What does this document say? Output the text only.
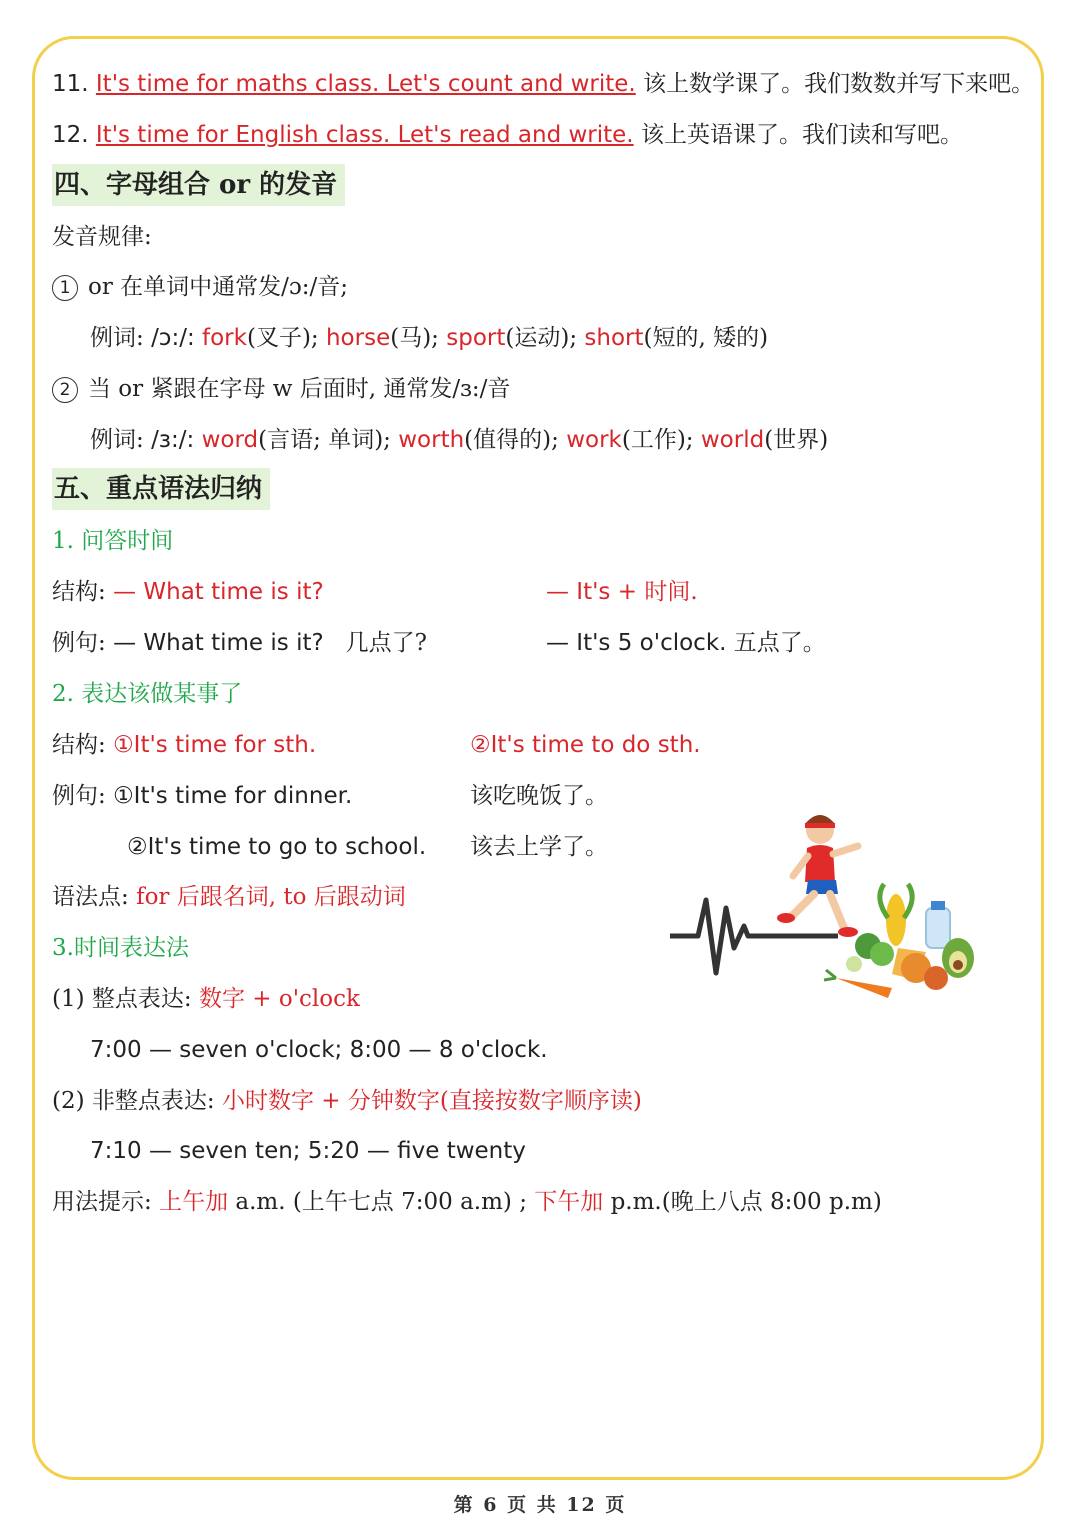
11. It's time for maths class. Let's count and write. 该上数学课了。我们数数并写下来吧。
12. It's time for English class. Let's read and write. 该上英语课了。我们读和写吧。
四、字母组合 or 的发音
发音规律:
1 or 在单词中通常发/ɔ:/音;
例词: /ɔ:/: fork(叉子); horse(马); sport(运动); short(短的, 矮的)
2 当 or 紧跟在字母 w 后面时, 通常发/ɜ:/音
例词: /ɜ:/: word(言语; 单词); worth(值得的); work(工作); world(世界)
五、重点语法归纳
1. 问答时间
结构: — What time is it?	— It's + 时间.
例句: — What time is it? 几点了?	— It's 5 o'clock. 五点了。
2. 表达该做某事了
结构: ①It's time for sth.	②It's time to do sth.
例句: ①It's time for dinner.	该吃晚饭了。
②It's time to go to school. 该去上学了。
语法点: for 后跟名词, to 后跟动词
3.时间表达法
(1) 整点表达: 数字 + o'clock
7:00 — seven o'clock; 8:00 — 8 o'clock.
(2) 非整点表达: 小时数字 + 分钟数字(直接按数字顺序读)
7:10 — seven ten; 5:20 — five twenty
用法提示: 上午加 a.m. (上午七点 7:00 a.m) ; 下午加 p.m.(晚上八点 8:00 p.m)
第 6 页 共 12 页
